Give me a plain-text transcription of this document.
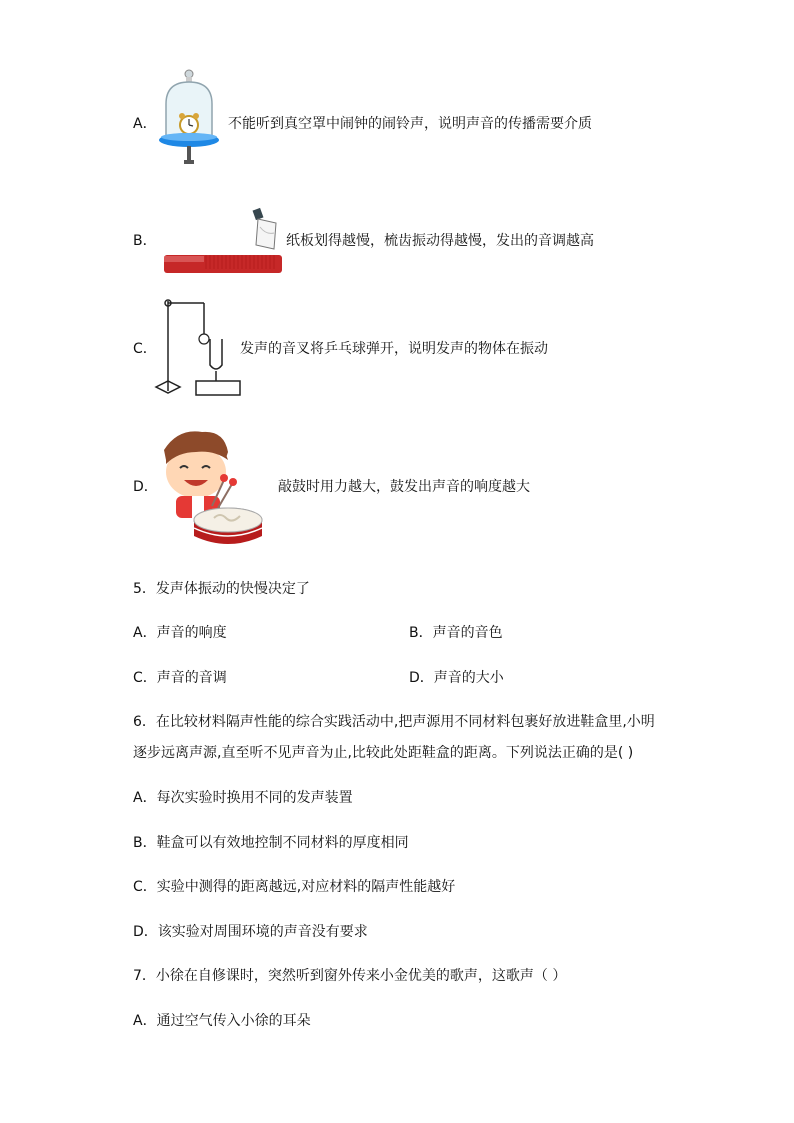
A．	不能听到真空罩中闹钟的闹铃声，说明声音的传播需要介质
B．	纸板划得越慢，梳齿振动得越慢，发出的音调越高
C．	发声的音叉将乒乓球弹开，说明发声的物体在振动
D．	敲鼓时用力越大，鼓发出声音的响度越大
5．发声体振动的快慢决定了
A．声音的响度	B．声音的音色
C．声音的音调	D．声音的大小
6．在比较材料隔声性能的综合实践活动中,把声源用不同材料包裹好放进鞋盒里,小明
逐步远离声源,直至听不见声音为止,比较此处距鞋盒的距离。下列说法正确的是( )
A．每次实验时换用不同的发声装置
B．鞋盒可以有效地控制不同材料的厚度相同
C．实验中测得的距离越远,对应材料的隔声性能越好
D．该实验对周围环境的声音没有要求
7．小徐在自修课时，突然听到窗外传来小金优美的歌声，这歌声（ ）
A．通过空气传入小徐的耳朵
